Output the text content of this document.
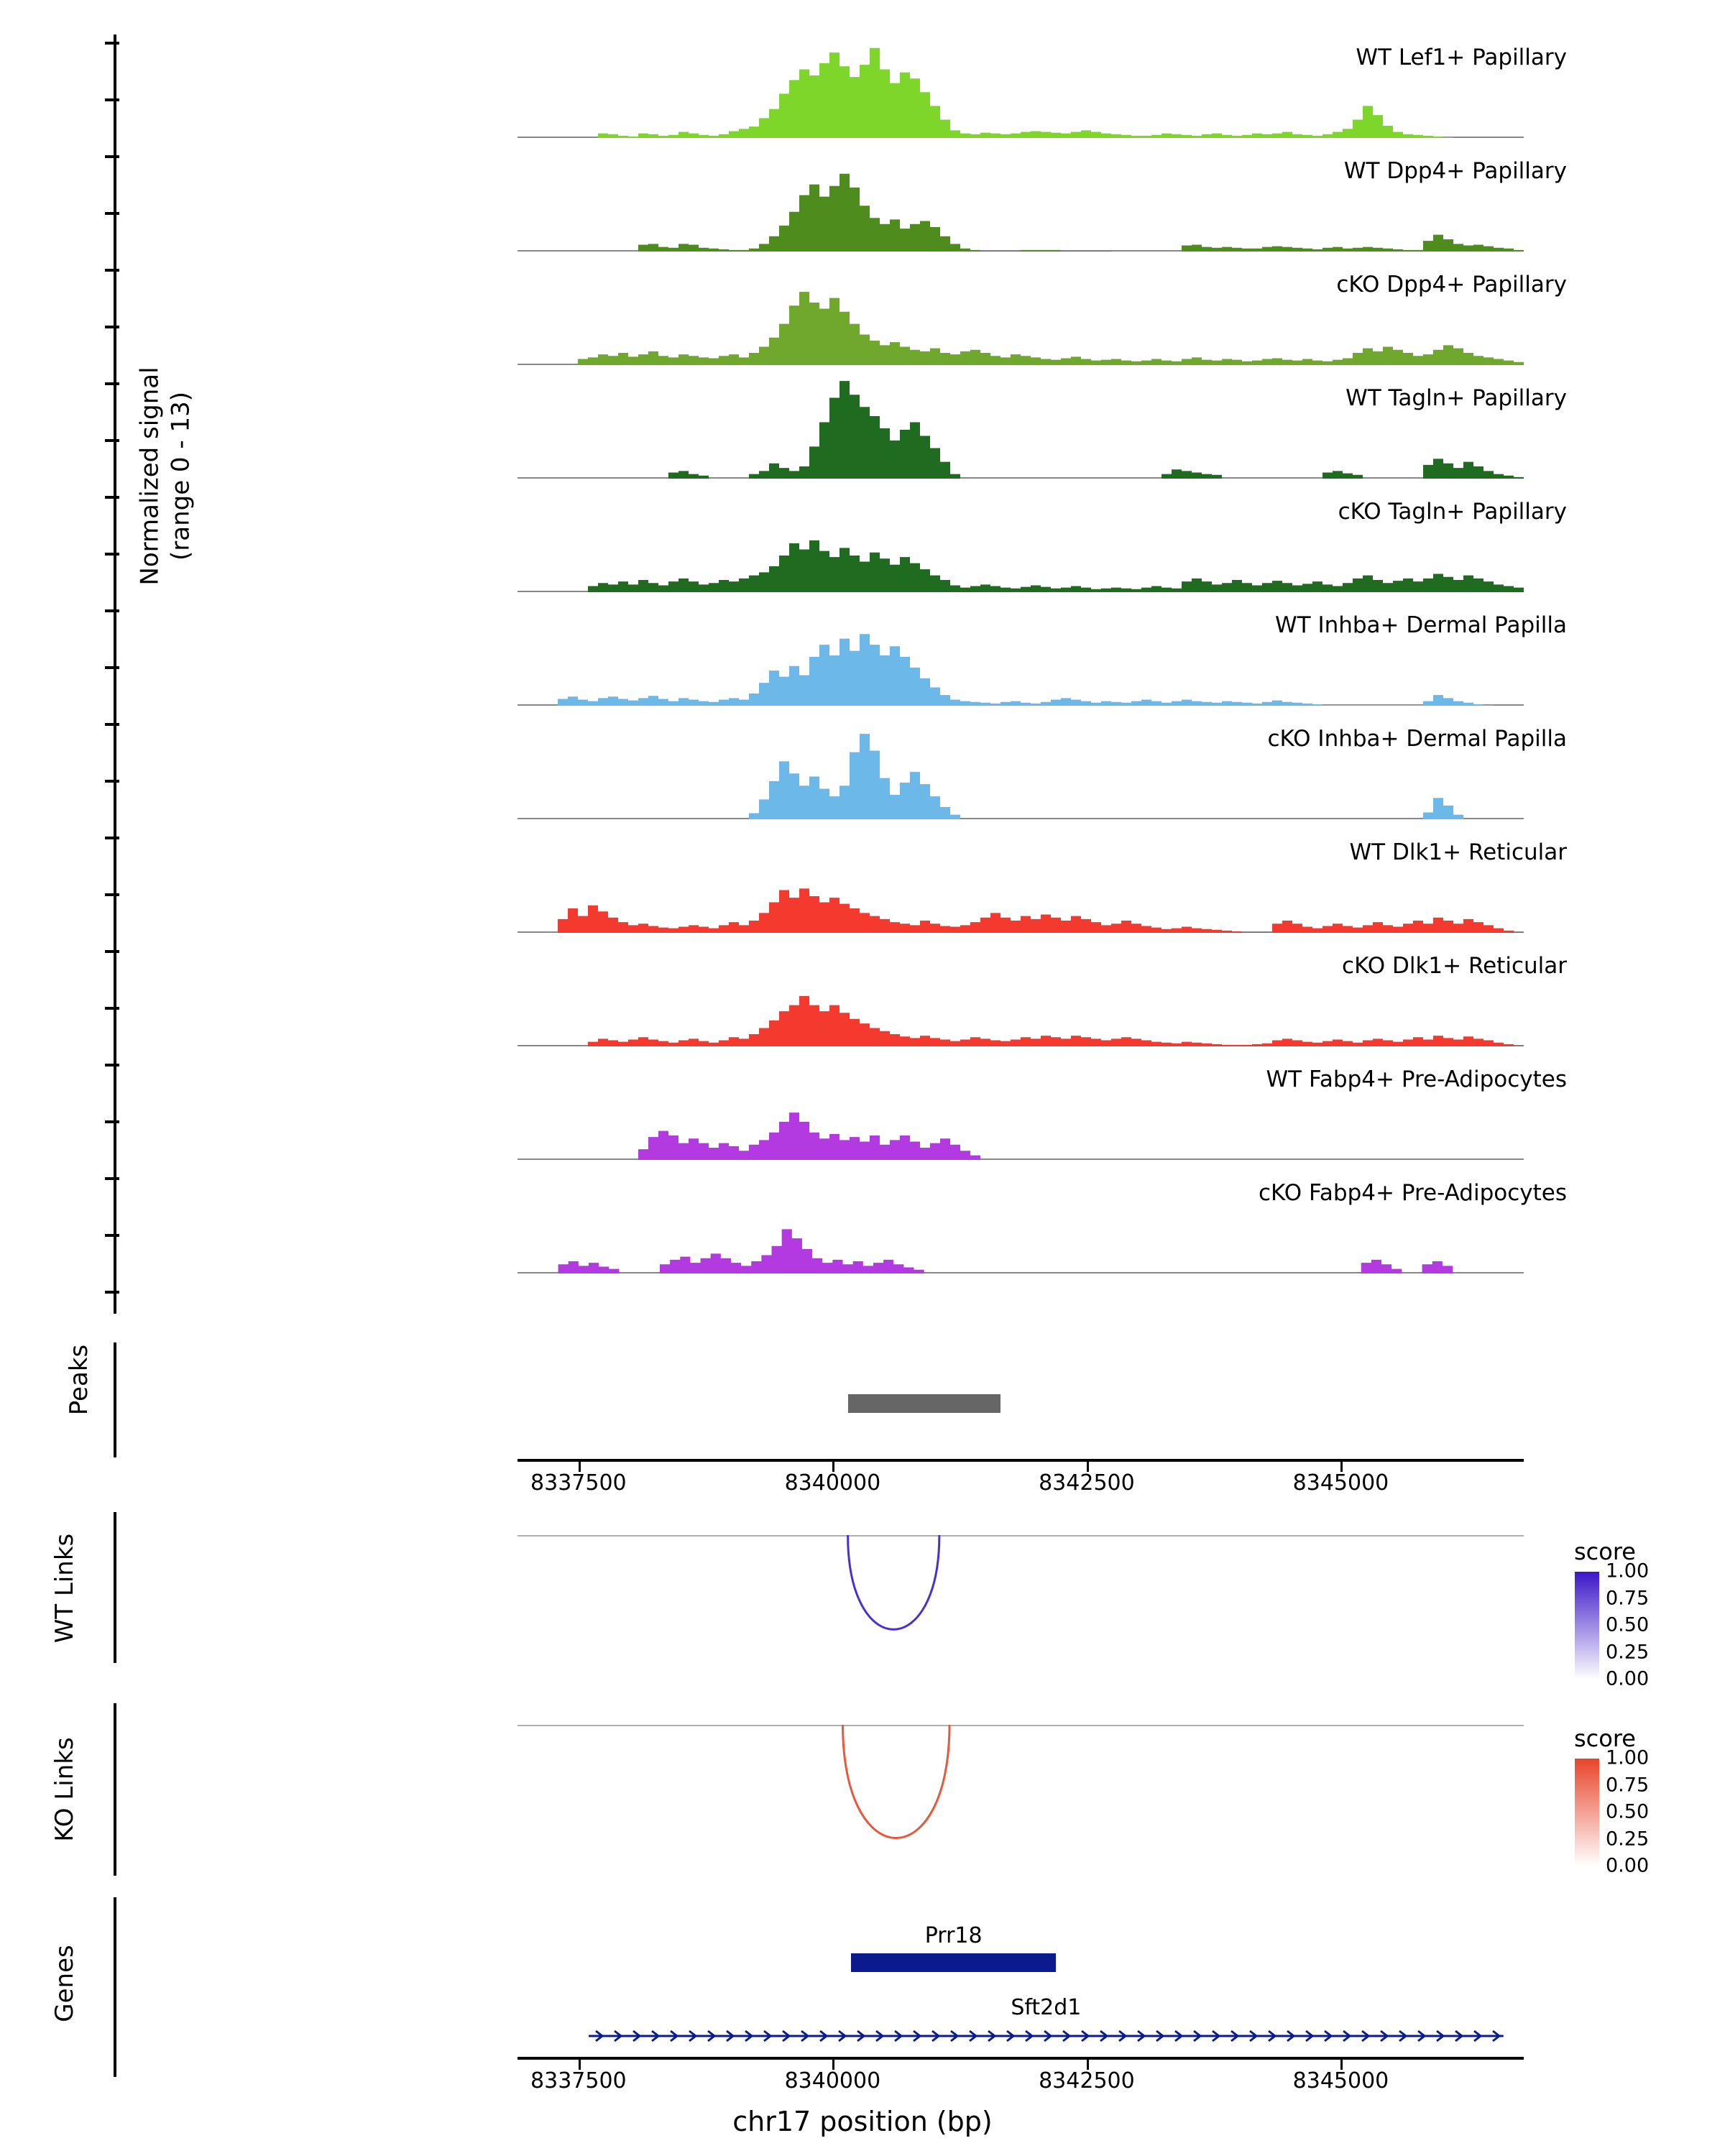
Normalized signal (range 0 - 13)
WT Lef1+ Papillary
WT Dpp4+ Papillary
cKO Dpp4+ Papillary
WT Tagln+ Papillary
cKO Tagln+ Papillary
WT Inhba+ Dermal Papilla
cKO Inhba+ Dermal Papilla
WT Dlk1+ Reticular
cKO Dlk1+ Reticular
WT Fabp4+ Pre-Adipocytes
cKO Fabp4+ Pre-Adipocytes
Peaks
8337500	8340000	8342500	8345000
WT Links	score
1.00
0.75
0.50
0.25
0.00
KO Links	score
1.00
0.75
0.50
0.25
0.00
Genes
Prr18
Sft2d1
8337500	8340000	8342500	8345000
chr17 position (bp)
